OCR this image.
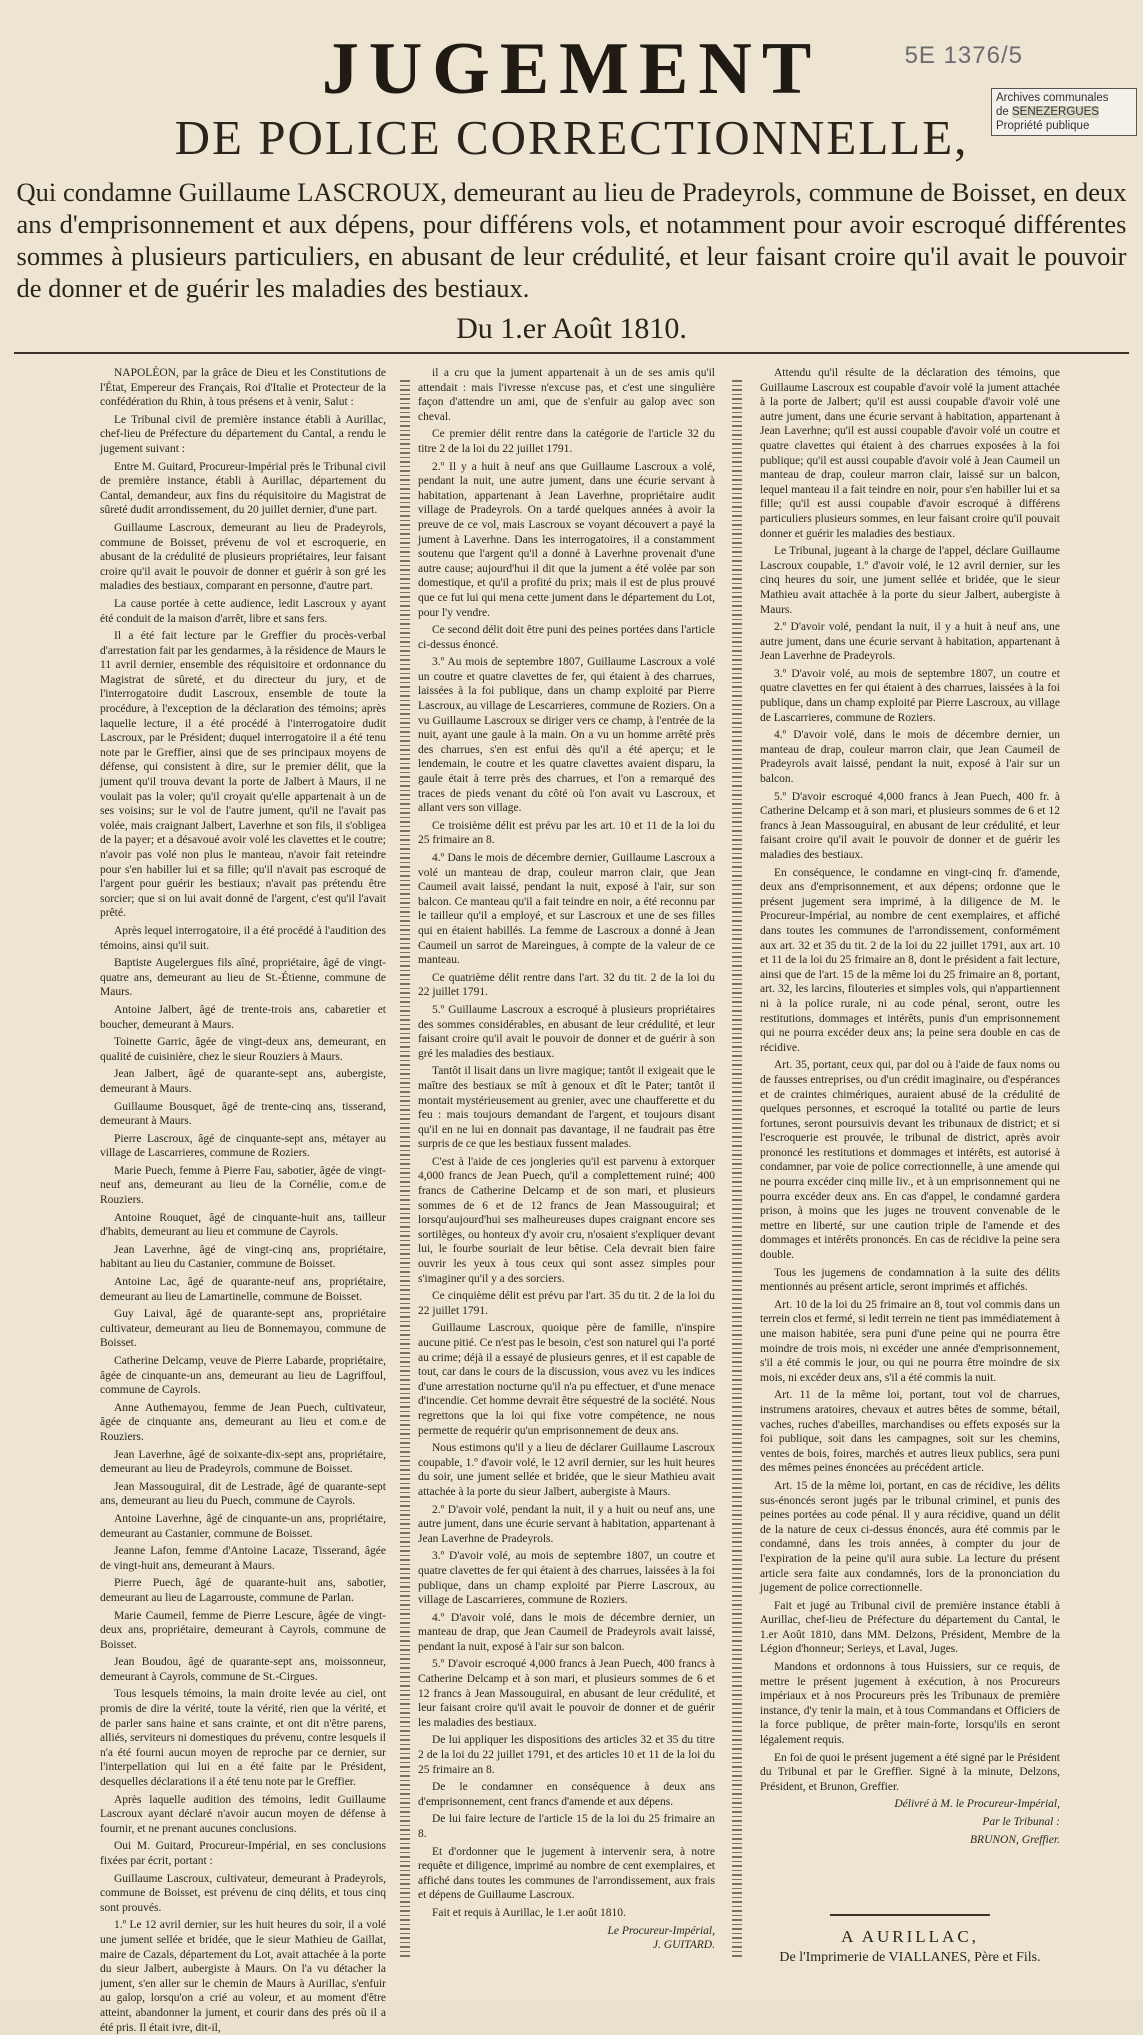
5E 1376/5
Archives communales
de SENEZERGUES
Propriété publique
JUGEMENT
DE POLICE CORRECTIONNELLE,
Qui condamne Guillaume LASCROUX, demeurant au lieu de Pradeyrols, commune de Boisset, en deux ans d'emprisonnement et aux dépens, pour différens vols, et notamment pour avoir escroqué différentes sommes à plusieurs particuliers, en abusant de leur crédulité, et leur faisant croire qu'il avait le pouvoir de donner et de guérir les maladies des bestiaux.
Du 1.er Août 1810.

NAPOLÉON, par la grâce de Dieu et les Constitutions de l'État, Empereur des Français, Roi d'Italie et Protecteur de la confédération du Rhin, à tous présens et à venir, Salut :

Le Tribunal civil de première instance établi à Aurillac, chef-lieu de Préfecture du département du Cantal, a rendu le jugement suivant :

Entre M. Guitard, Procureur-Impérial près le Tribunal civil de première instance, établi à Aurillac, département du Cantal, demandeur, aux fins du réquisitoire du Magistrat de sûreté dudit arrondissement, du 20 juillet dernier, d'une part.

Guillaume Lascroux, demeurant au lieu de Pradeyrols, commune de Boisset, prévenu de vol et escroquerie, en abusant de la crédulité de plusieurs propriétaires, leur faisant croire qu'il avait le pouvoir de donner et guérir à son gré les maladies des bestiaux, comparant en personne, d'autre part.

La cause portée à cette audience, ledit Lascroux y ayant été conduit de la maison d'arrêt, libre et sans fers.

Il a été fait lecture par le Greffier du procès-verbal d'arrestation fait par les gendarmes, à la résidence de Maurs le 11 avril dernier, ensemble des réquisitoire et ordonnance du Magistrat de sûreté, et du directeur du jury, et de l'interrogatoire dudit Lascroux, ensemble de toute la procédure, à l'exception de la déclaration des témoins; après laquelle lecture, il a été procédé à l'interrogatoire dudit Lascroux, par le Président; duquel interrogatoire il a été tenu note par le Greffier, ainsi que de ses principaux moyens de défense, qui consistent à dire, sur le premier délit, que la jument qu'il trouva devant la porte de Jalbert à Maurs, il ne voulait pas la voler; qu'il croyait qu'elle appartenait à un de ses voisins; sur le vol de l'autre jument, qu'il ne l'avait pas volée, mais craignant Jalbert, Laverhne et son fils, il s'obligea de la payer; et a désavoué avoir volé les clavettes et le coutre; n'avoir pas volé non plus le manteau, n'avoir fait reteindre pour s'en habiller lui et sa fille; qu'il n'avait pas escroqué de l'argent pour guérir les bestiaux; n'avait pas prétendu être sorcier; que si on lui avait donné de l'argent, c'est qu'il l'avait prêté.

Après lequel interrogatoire, il a été procédé à l'audition des témoins, ainsi qu'il suit.

Baptiste Augelergues fils aîné, propriétaire, âgé de vingt-quatre ans, demeurant au lieu de St.-Étienne, commune de Maurs.

Antoine Jalbert, âgé de trente-trois ans, cabaretier et boucher, demeurant à Maurs.

Toinette Garric, âgée de vingt-deux ans, demeurant, en qualité de cuisinière, chez le sieur Rouziers à Maurs.

Jean Jalbert, âgé de quarante-sept ans, aubergiste, demeurant à Maurs.

Guillaume Bousquet, âgé de trente-cinq ans, tisserand, demeurant à Maurs.

Pierre Lascroux, âgé de cinquante-sept ans, métayer au village de Lascarrieres, commune de Roziers.

Marie Puech, femme à Pierre Fau, sabotier, âgée de vingt-neuf ans, demeurant au lieu de la Cornélie, com.e de Rouziers.

Antoine Rouquet, âgé de cinquante-huit ans, tailleur d'habits, demeurant au lieu et commune de Cayrols.

Jean Laverhne, âgé de vingt-cinq ans, propriétaire, habitant au lieu du Castanier, commune de Boisset.

Antoine Lac, âgé de quarante-neuf ans, propriétaire, demeurant au lieu de Lamartinelle, commune de Boisset.

Guy Laival, âgé de quarante-sept ans, propriétaire cultivateur, demeurant au lieu de Bonnemayou, commune de Boisset.

Catherine Delcamp, veuve de Pierre Labarde, propriétaire, âgée de cinquante-un ans, demeurant au lieu de Lagriffoul, commune de Cayrols.

Anne Authemayou, femme de Jean Puech, cultivateur, âgée de cinquante ans, demeurant au lieu et com.e de Rouziers.

Jean Laverhne, âgé de soixante-dix-sept ans, propriétaire, demeurant au lieu de Pradeyrols, commune de Boisset.

Jean Massouguiral, dit de Lestrade, âgé de quarante-sept ans, demeurant au lieu du Puech, commune de Cayrols.

Antoine Laverhne, âgé de cinquante-un ans, propriétaire, demeurant au Castanier, commune de Boisset.

Jeanne Lafon, femme d'Antoine Lacaze, Tisserand, âgée de vingt-huit ans, demeurant à Maurs.

Pierre Puech, âgé de quarante-huit ans, sabotier, demeurant au lieu de Lagarrouste, commune de Parlan.

Marie Caumeil, femme de Pierre Lescure, âgée de vingt-deux ans, propriétaire, demeurant à Cayrols, commune de Boisset.

Jean Boudou, âgé de quarante-sept ans, moissonneur, demeurant à Cayrols, commune de St.-Cirgues.

Tous lesquels témoins, la main droite levée au ciel, ont promis de dire la vérité, toute la vérité, rien que la vérité, et de parler sans haine et sans crainte, et ont dit n'être parens, alliés, serviteurs ni domestiques du prévenu, contre lesquels il n'a été fourni aucun moyen de reproche par ce dernier, sur l'interpellation qui lui en a été faite par le Président, desquelles déclarations il a été tenu note par le Greffier.

Après laquelle audition des témoins, ledit Guillaume Lascroux ayant déclaré n'avoir aucun moyen de défense à fournir, et ne prenant aucunes conclusions.

Oui M. Guitard, Procureur-Impérial, en ses conclusions fixées par écrit, portant :

Guillaume Lascroux, cultivateur, demeurant à Pradeyrols, commune de Boisset, est prévenu de cinq délits, et tous cinq sont prouvés.

1.º Le 12 avril dernier, sur les huit heures du soir, il a volé une jument sellée et bridée, que le sieur Mathieu de Gaillat, maire de Cazals, département du Lot, avait attachée à la porte du sieur Jalbert, aubergiste à Maurs. On l'a vu détacher la jument, s'en aller sur le chemin de Maurs à Aurillac, s'enfuir au galop, lorsqu'on a crié au voleur, et au moment d'être atteint, abandonner la jument, et courir dans des prés où il a été pris. Il était ivre, dit-il,

il a cru que la jument appartenait à un de ses amis qu'il attendait : mais l'ivresse n'excuse pas, et c'est une singulière façon d'attendre un ami, que de s'enfuir au galop avec son cheval.

Ce premier délit rentre dans la catégorie de l'article 32 du titre 2 de la loi du 22 juillet 1791.

2.º Il y a huit à neuf ans que Guillaume Lascroux a volé, pendant la nuit, une autre jument, dans une écurie servant à habitation, appartenant à Jean Laverhne, propriétaire audit village de Pradeyrols. On a tardé quelques années à avoir la preuve de ce vol, mais Lascroux se voyant découvert a payé la jument à Laverhne. Dans les interrogatoires, il a constamment soutenu que l'argent qu'il a donné à Laverhne provenait d'une autre cause; aujourd'hui il dit que la jument a été volée par son domestique, et qu'il a profité du prix; mais il est de plus prouvé que ce fut lui qui mena cette jument dans le département du Lot, pour l'y vendre.

Ce second délit doit être puni des peines portées dans l'article ci-dessus énoncé.

3.º Au mois de septembre 1807, Guillaume Lascroux a volé un coutre et quatre clavettes de fer, qui étaient à des charrues, laissées à la foi publique, dans un champ exploité par Pierre Lascroux, au village de Lescarrieres, commune de Roziers. On a vu Guillaume Lascroux se diriger vers ce champ, à l'entrée de la nuit, ayant une gaule à la main. On a vu un homme arrêté près des charrues, s'en est enfui dès qu'il a été aperçu; et le lendemain, le coutre et les quatre clavettes avaient disparu, la gaule était à terre près des charrues, et l'on a remarqué des traces de pieds venant du côté où l'on avait vu Lascroux, et allant vers son village.

Ce troisième délit est prévu par les art. 10 et 11 de la loi du 25 frimaire an 8.

4.º Dans le mois de décembre dernier, Guillaume Lascroux a volé un manteau de drap, couleur marron clair, que Jean Caumeil avait laissé, pendant la nuit, exposé à l'air, sur son balcon. Ce manteau qu'il a fait teindre en noir, a été reconnu par le tailleur qu'il a employé, et sur Lascroux et une de ses filles qui en étaient habillés. La femme de Lascroux a donné à Jean Caumeil un sarrot de Mareingues, à compte de la valeur de ce manteau.

Ce quatrième délit rentre dans l'art. 32 du tit. 2 de la loi du 22 juillet 1791.

5.º Guillaume Lascroux a escroqué à plusieurs propriétaires des sommes considérables, en abusant de leur crédulité, et leur faisant croire qu'il avait le pouvoir de donner et de guérir à son gré les maladies des bestiaux.

Tantôt il lisait dans un livre magique; tantôt il exigeait que le maître des bestiaux se mît à genoux et dît le Pater; tantôt il montait mystérieusement au grenier, avec une chaufferette et du feu : mais toujours demandant de l'argent, et toujours disant qu'il en ne lui en donnait pas davantage, il ne faudrait pas être surpris de ce que les bestiaux fussent malades.

C'est à l'aide de ces jongleries qu'il est parvenu à extorquer 4,000 francs de Jean Puech, qu'il a complettement ruiné; 400 francs de Catherine Delcamp et de son mari, et plusieurs sommes de 6 et de 12 francs de Jean Massouguiral; et lorsqu'aujourd'hui ses malheureuses dupes craignant encore ses sortilèges, ou honteux d'y avoir cru, n'osaient s'expliquer devant lui, le fourbe souriait de leur bêtise. Cela devrait bien faire ouvrir les yeux à tous ceux qui sont assez simples pour s'imaginer qu'il y a des sorciers.

Ce cinquième délit est prévu par l'art. 35 du tit. 2 de la loi du 22 juillet 1791.

Guillaume Lascroux, quoique père de famille, n'inspire aucune pitié. Ce n'est pas le besoin, c'est son naturel qui l'a porté au crime; déjà il a essayé de plusieurs genres, et il est capable de tout, car dans le cours de la discussion, vous avez vu les indices d'une arrestation nocturne qu'il n'a pu effectuer, et d'une menace d'incendie. Cet homme devrait être séquestré de la société. Nous regrettons que la loi qui fixe votre compétence, ne nous permette de requérir qu'un emprisonnement de deux ans.

Nous estimons qu'il y a lieu de déclarer Guillaume Lascroux coupable, 1.º d'avoir volé, le 12 avril dernier, sur les huit heures du soir, une jument sellée et bridée, que le sieur Mathieu avait attachée à la porte du sieur Jalbert, aubergiste à Maurs.

2.º D'avoir volé, pendant la nuit, il y a huit ou neuf ans, une autre jument, dans une écurie servant à habitation, appartenant à Jean Laverhne de Pradeyrols.

3.º D'avoir volé, au mois de septembre 1807, un coutre et quatre clavettes de fer qui étaient à des charrues, laissées à la foi publique, dans un champ exploité par Pierre Lascroux, au village de Lascarrieres, commune de Roziers.

4.º D'avoir volé, dans le mois de décembre dernier, un manteau de drap, que Jean Caumeil de Pradeyrols avait laissé, pendant la nuit, exposé à l'air sur son balcon.

5.º D'avoir escroqué 4,000 francs à Jean Puech, 400 francs à Catherine Delcamp et à son mari, et plusieurs sommes de 6 et 12 francs à Jean Massouguiral, en abusant de leur crédulité, et leur faisant croire qu'il avait le pouvoir de donner et de guérir les maladies des bestiaux.

De lui appliquer les dispositions des articles 32 et 35 du titre 2 de la loi du 22 juillet 1791, et des articles 10 et 11 de la loi du 25 frimaire an 8.

De le condamner en conséquence à deux ans d'emprisonnement, cent francs d'amende et aux dépens.

De lui faire lecture de l'article 15 de la loi du 25 frimaire an 8.

Et d'ordonner que le jugement à intervenir sera, à notre requête et diligence, imprimé au nombre de cent exemplaires, et affiché dans toutes les communes de l'arrondissement, aux frais et dépens de Guillaume Lascroux.

Fait et requis à Aurillac, le 1.er août 1810.

Le Procureur-Impérial,
J. GUITARD.

Attendu qu'il résulte de la déclaration des témoins, que Guillaume Lascroux est coupable d'avoir volé la jument attachée à la porte de Jalbert; qu'il est aussi coupable d'avoir volé une autre jument, dans une écurie servant à habitation, appartenant à Jean Laverhne; qu'il est aussi coupable d'avoir volé un coutre et quatre clavettes qui étaient à des charrues exposées à la foi publique; qu'il est aussi coupable d'avoir volé à Jean Caumeil un manteau de drap, couleur marron clair, laissé sur un balcon, lequel manteau il a fait teindre en noir, pour s'en habiller lui et sa fille; qu'il est aussi coupable d'avoir escroqué à différens particuliers plusieurs sommes, en leur faisant croire qu'il pouvait donner et guérir les maladies des bestiaux.

Le Tribunal, jugeant à la charge de l'appel, déclare Guillaume Lascroux coupable, 1.º d'avoir volé, le 12 avril dernier, sur les cinq heures du soir, une jument sellée et bridée, que le sieur Mathieu avait attachée à la porte du sieur Jalbert, aubergiste à Maurs.

2.º D'avoir volé, pendant la nuit, il y a huit à neuf ans, une autre jument, dans une écurie servant à habitation, appartenant à Jean Laverhne de Pradeyrols.

3.º D'avoir volé, au mois de septembre 1807, un coutre et quatre clavettes en fer qui étaient à des charrues, laissées à la foi publique, dans un champ exploité par Pierre Lascroux, au village de Lascarrieres, commune de Roziers.

4.º D'avoir volé, dans le mois de décembre dernier, un manteau de drap, couleur marron clair, que Jean Caumeil de Pradeyrols avait laissé, pendant la nuit, exposé à l'air sur un balcon.

5.º D'avoir escroqué 4,000 francs à Jean Puech, 400 fr. à Catherine Delcamp et à son mari, et plusieurs sommes de 6 et 12 francs à Jean Massouguiral, en abusant de leur crédulité, et leur faisant croire qu'il avait le pouvoir de donner et de guérir les maladies des bestiaux.

En conséquence, le condamne en vingt-cinq fr. d'amende, deux ans d'emprisonnement, et aux dépens; ordonne que le présent jugement sera imprimé, à la diligence de M. le Procureur-Impérial, au nombre de cent exemplaires, et affiché dans toutes les communes de l'arrondissement, conformément aux art. 32 et 35 du tit. 2 de la loi du 22 juillet 1791, aux art. 10 et 11 de la loi du 25 frimaire an 8, dont le président a fait lecture, ainsi que de l'art. 15 de la même loi du 25 frimaire an 8, portant, art. 32, les larcins, filouteries et simples vols, qui n'appartiennent ni à la police rurale, ni au code pénal, seront, outre les restitutions, dommages et intérêts, punis d'un emprisonnement qui ne pourra excéder deux ans; la peine sera double en cas de récidive.

Art. 35, portant, ceux qui, par dol ou à l'aide de faux noms ou de fausses entreprises, ou d'un crédit imaginaire, ou d'espérances et de craintes chimériques, auraient abusé de la crédulité de quelques personnes, et escroqué la totalité ou partie de leurs fortunes, seront poursuivis devant les tribunaux de district; et si l'escroquerie est prouvée, le tribunal de district, après avoir prononcé les restitutions et dommages et intérêts, est autorisé à condamner, par voie de police correctionnelle, à une amende qui ne pourra excéder cinq mille liv., et à un emprisonnement qui ne pourra excéder deux ans. En cas d'appel, le condamné gardera prison, à moins que les juges ne trouvent convenable de le mettre en liberté, sur une caution triple de l'amende et des dommages et intérêts prononcés. En cas de récidive la peine sera double.

Tous les jugemens de condamnation à la suite des délits mentionnés au présent article, seront imprimés et affichés.

Art. 10 de la loi du 25 frimaire an 8, tout vol commis dans un terrein clos et fermé, si ledit terrein ne tient pas immédiatement à une maison habitée, sera puni d'une peine qui ne pourra être moindre de trois mois, ni excéder une année d'emprisonnement, s'il a été commis le jour, ou qui ne pourra être moindre de six mois, ni excéder deux ans, s'il a été commis la nuit.

Art. 11 de la même loi, portant, tout vol de charrues, instrumens aratoires, chevaux et autres bêtes de somme, bétail, vaches, ruches d'abeilles, marchandises ou effets exposés sur la foi publique, soit dans les campagnes, soit sur les chemins, ventes de bois, foires, marchés et autres lieux publics, sera puni des mêmes peines énoncées au précédent article.

Art. 15 de la même loi, portant, en cas de récidive, les délits sus-énoncés seront jugés par le tribunal criminel, et punis des peines portées au code pénal. Il y aura récidive, quand un délit de la nature de ceux ci-dessus énoncés, aura été commis par le condamné, dans les trois années, à compter du jour de l'expiration de la peine qu'il aura subie. La lecture du présent article sera faite aux condamnés, lors de la prononciation du jugement de police correctionnelle.

Fait et jugé au Tribunal civil de première instance établi à Aurillac, chef-lieu de Préfecture du département du Cantal, le 1.er Août 1810, dans MM. Delzons, Président, Membre de la Légion d'honneur; Serieys, et Laval, Juges.

Mandons et ordonnons à tous Huissiers, sur ce requis, de mettre le présent jugement à exécution, à nos Procureurs impériaux et à nos Procureurs près les Tribunaux de première instance, d'y tenir la main, et à tous Commandans et Officiers de la force publique, de prêter main-forte, lorsqu'ils en seront légalement requis.

En foi de quoi le présent jugement a été signé par le Président du Tribunal et par le Greffier. Signé à la minute, Delzons, Président, et Brunon, Greffier.

Délivré à M. le Procureur-Impérial,

Par le Tribunal :

BRUNON, Greffier.

A AURILLAC,
De l'Imprimerie de VIALLANES, Père et Fils.
